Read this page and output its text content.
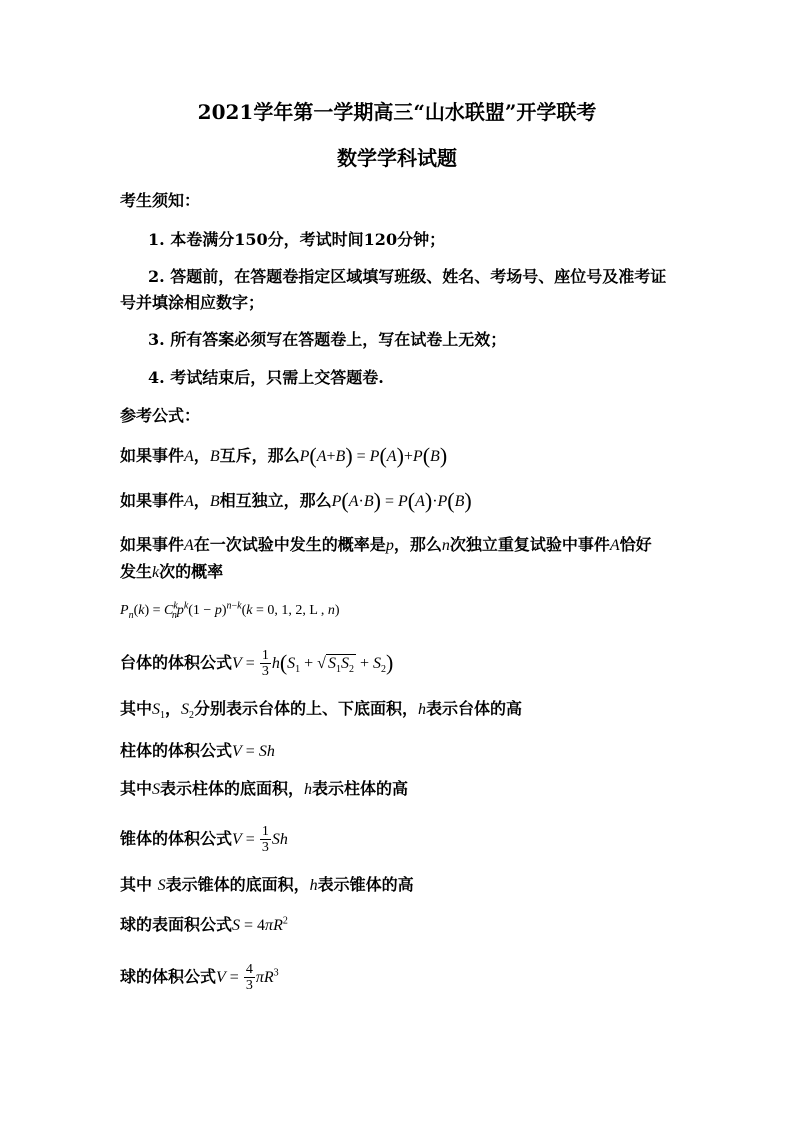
2021学年第一学期高三“山水联盟”开学联考
数学学科试题
考生须知：
1. 本卷满分150分，考试时间120分钟；
2. 答题前，在答题卷指定区域填写班级、姓名、考场号、座位号及准考证
号并填涂相应数字；
3. 所有答案必须写在答题卷上，写在试卷上无效；
4. 考试结束后，只需上交答题卷.
参考公式：
如果事件A，B互斥，那么P(A+B) = P(A)+P(B)
如果事件A，B相互独立，那么P(A·B) = P(A)·P(B)
如果事件A在一次试验中发生的概率是p，那么n次独立重复试验中事件A恰好
发生k次的概率
$P_n(k) = C^k_np^k(1 - p)^{n-k}(k = 0$, 1, 2, L , n)
台体的体积公式$V = \frac{1}{3} h(S_1$ + √ $S_1S_2 + S_2$)
其中$S_1$，$S_2$分别表示台体的上、下底面积，h表示台体的高
柱体的体积公式V = Sh
其中S表示柱体的底面积，h表示柱体的高
锥体的体积公式$V = \frac{1}{3}$ Sh
其中 S表示锥体的底面积，h表示锥体的高
球的表面积公式$S = 4\pi R^2$
球的体积公式$V = \frac{4}{3} \pi R^3$
